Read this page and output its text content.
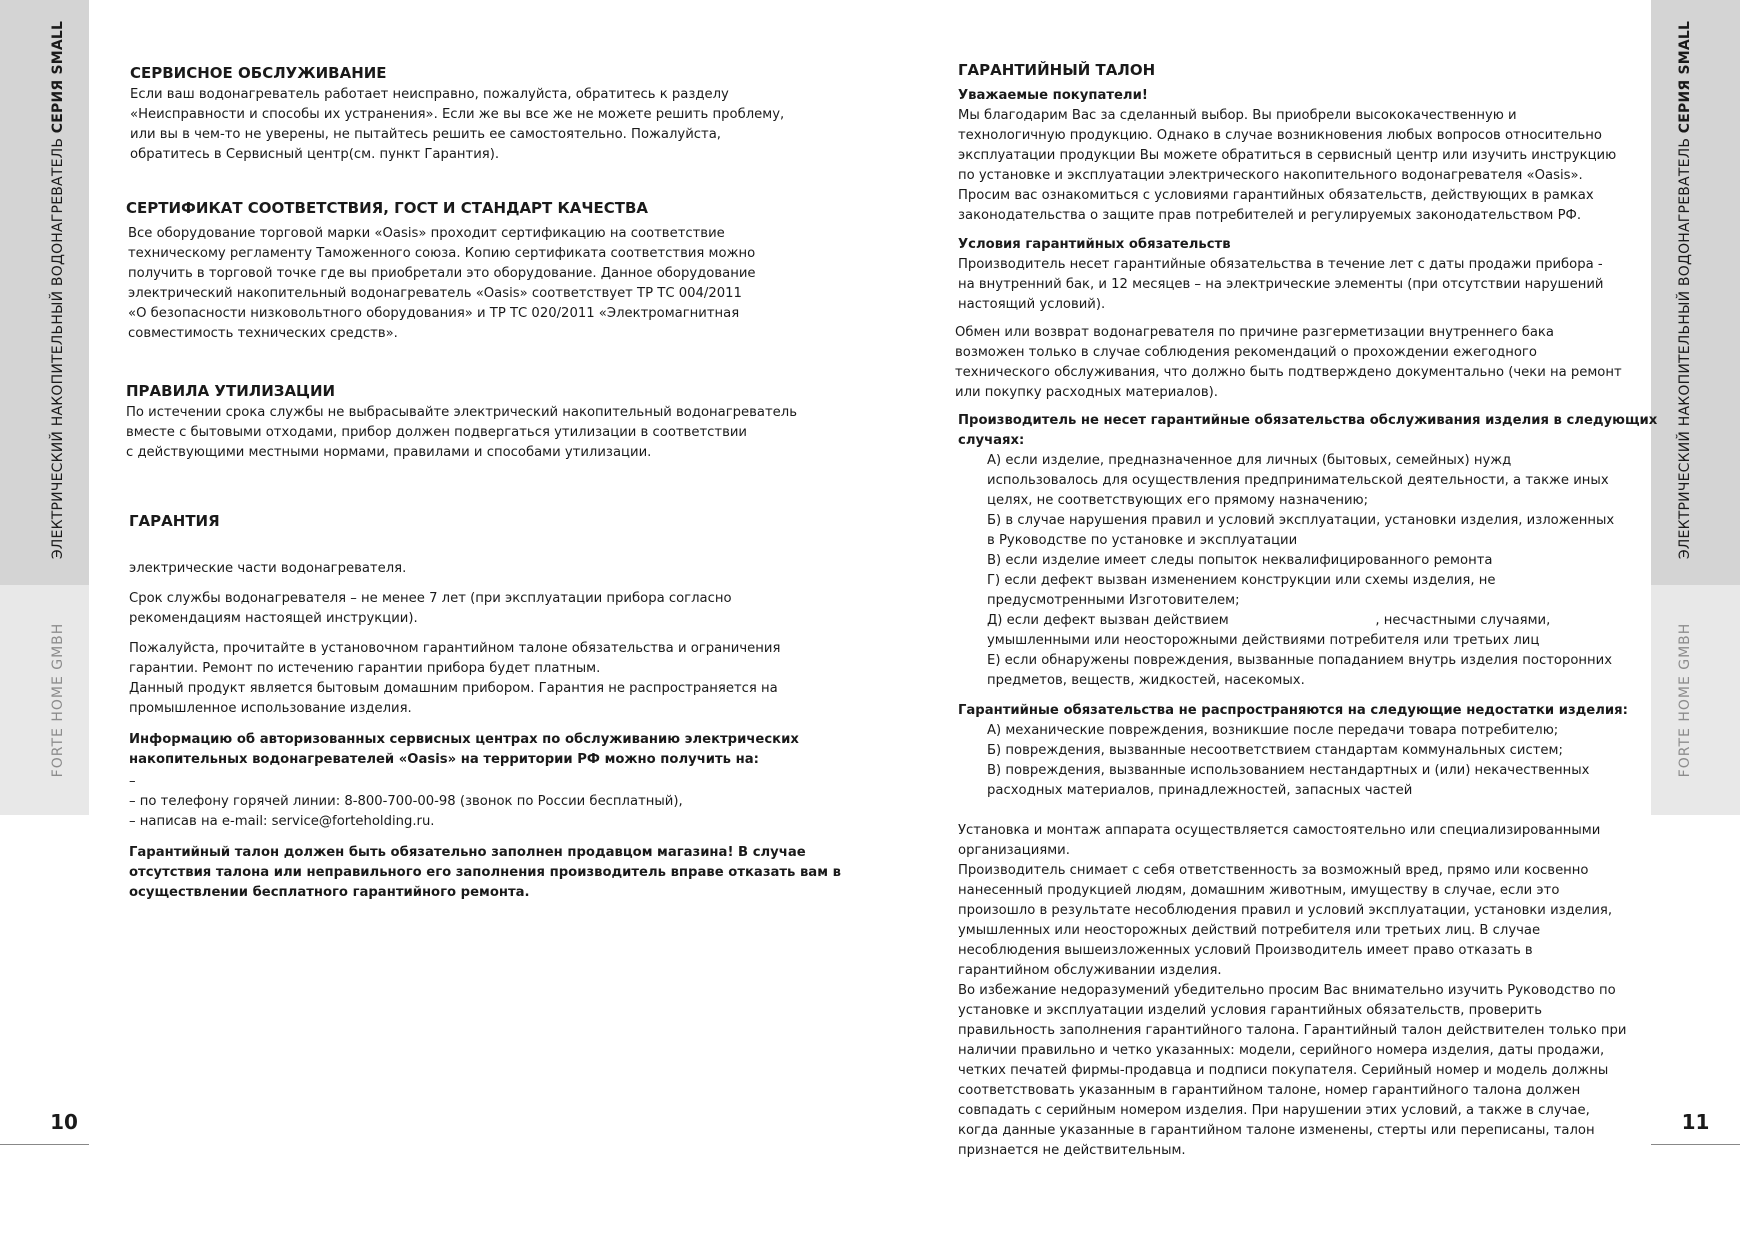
ЭЛЕКТРИЧЕСКИЙ НАКОПИТЕЛЬНЫЙ ВОДОНАГРЕВАТЕЛЬ СЕРИЯ SMALL
FORTE HOME GMBH
10
ЭЛЕКТРИЧЕСКИЙ НАКОПИТЕЛЬНЫЙ ВОДОНАГРЕВАТЕЛЬ СЕРИЯ SMALL
FORTE HOME GMBH
11

СЕРВИСНОЕ ОБСЛУЖИВАНИЕ

Если ваш водонагреватель работает неисправно, пожалуйста, обратитесь к разделу

«Неисправности и способы их устранения». Если же вы все же не можете решить проблему,

или вы в чем-то не уверены, не пытайтесь решить ее самостоятельно. Пожалуйста,

обратитесь в Сервисный центр(см. пункт Гарантия).

СЕРТИФИКАТ СООТВЕТСТВИЯ, ГОСТ И СТАНДАРТ КАЧЕСТВА

Все оборудование торговой марки «Oasis» проходит сертификацию на соответствие

техническому регламенту Таможенного союза. Копию сертификата соответствия можно

получить в торговой точке где вы приобретали это оборудование. Данное оборудование

электрический накопительный водонагреватель «Oasis» соответствует ТР ТС 004/2011

«О безопасности низковольтного оборудования» и ТР ТС 020/2011 «Электромагнитная

совместимость технических средств».

ПРАВИЛА УТИЛИЗАЦИИ

По истечении срока службы не выбрасывайте электрический накопительный водонагреватель

вместе с бытовыми отходами, прибор должен подвергаться утилизации в соответствии

с действующими местными нормами, правилами и способами утилизации.

ГАРАНТИЯ

электрические части водонагревателя.

Срок службы водонагревателя – не менее 7 лет (при эксплуатации прибора согласно

рекомендациям настоящей инструкции).

Пожалуйста, прочитайте в установочном гарантийном талоне обязательства и ограничения

гарантии. Ремонт по истечению гарантии прибора будет платным.

Данный продукт является бытовым домашним прибором. Гарантия не распространяется на

промышленное использование изделия.

Информацию об авторизованных сервисных центрах по обслуживанию электрических

накопительных водонагревателей «Oasis» на территории РФ можно получить на:

–

– по телефону горячей линии: 8-800-700-00-98 (звонок по России бесплатный),

– написав на e-mail: service@forteholding.ru.

Гарантийный талон должен быть обязательно заполнен продавцом магазина! В случае

отсутствия талона или неправильного его заполнения производитель вправе отказать вам в

осуществлении бесплатного гарантийного ремонта.

ГАРАНТИЙНЫЙ ТАЛОН

Уважаемые покупатели!

Мы благодарим Вас за сделанный выбор. Вы приобрели высококачественную и

технологичную продукцию. Однако в случае возникновения любых вопросов относительно

эксплуатации продукции Вы можете обратиться в сервисный центр или изучить инструкцию

по установке и эксплуатации электрического накопительного водонагревателя «Oasis».

Просим вас ознакомиться с условиями гарантийных обязательств, действующих в рамках

законодательства о защите прав потребителей и регулируемых законодательством РФ.

Условия гарантийных обязательств

Производитель несет гарантийные обязательства в течение лет с даты продажи прибора -

на внутренний бак, и 12 месяцев – на электрические элементы (при отсутствии нарушений

настоящий условий).

Обмен или возврат водонагревателя по причине разгерметизации внутреннего бака

возможен только в случае соблюдения рекомендаций о прохождении ежегодного

технического обслуживания, что должно быть подтверждено документально (чеки на ремонт

или покупку расходных материалов).

Производитель не несет гарантийные обязательства обслуживания изделия в следующих

случаях:

А) если изделие, предназначенное для личных (бытовых, семейных) нужд

использовалось для осуществления предпринимательской деятельности, а также иных

целях, не соответствующих его прямому назначению;

Б) в случае нарушения правил и условий эксплуатации, установки изделия, изложенных

в Руководстве по установке и эксплуатации

В) если изделие имеет следы попыток неквалифицированного ремонта

Г) если дефект вызван изменением конструкции или схемы изделия, не

предусмотренными Изготовителем;

Д) если дефект вызван действием                                   , несчастными случаями,

умышленными или неосторожными действиями потребителя или третьих лиц

Е) если обнаружены повреждения, вызванные попаданием внутрь изделия посторонних

предметов, веществ, жидкостей, насекомых.

Гарантийные обязательства не распространяются на следующие недостатки изделия:

А) механические повреждения, возникшие после передачи товара потребителю;

Б) повреждения, вызванные несоответствием стандартам коммунальных систем;

В) повреждения, вызванные использованием нестандартных и (или) некачественных

расходных материалов, принадлежностей, запасных частей

Установка и монтаж аппарата осуществляется самостоятельно или специализированными

организациями.

Производитель снимает с себя ответственность за возможный вред, прямо или косвенно

нанесенный продукцией людям, домашним животным, имуществу в случае, если это

произошло в результате несоблюдения правил и условий эксплуатации, установки изделия,

умышленных или неосторожных действий потребителя или третьих лиц. В случае

несоблюдения вышеизложенных условий Производитель имеет право отказать в

гарантийном обслуживании изделия.

Во избежание недоразумений убедительно просим Вас внимательно изучить Руководство по

установке и эксплуатации изделий условия гарантийных обязательств, проверить

правильность заполнения гарантийного талона. Гарантийный талон действителен только при

наличии правильно и четко указанных: модели, серийного номера изделия, даты продажи,

четких печатей фирмы-продавца и подписи покупателя. Серийный номер и модель должны

соответствовать указанным в гарантийном талоне, номер гарантийного талона должен

совпадать с серийным номером изделия. При нарушении этих условий, а также в случае,

когда данные указанные в гарантийном талоне изменены, стерты или переписаны, талон

признается не действительным.
